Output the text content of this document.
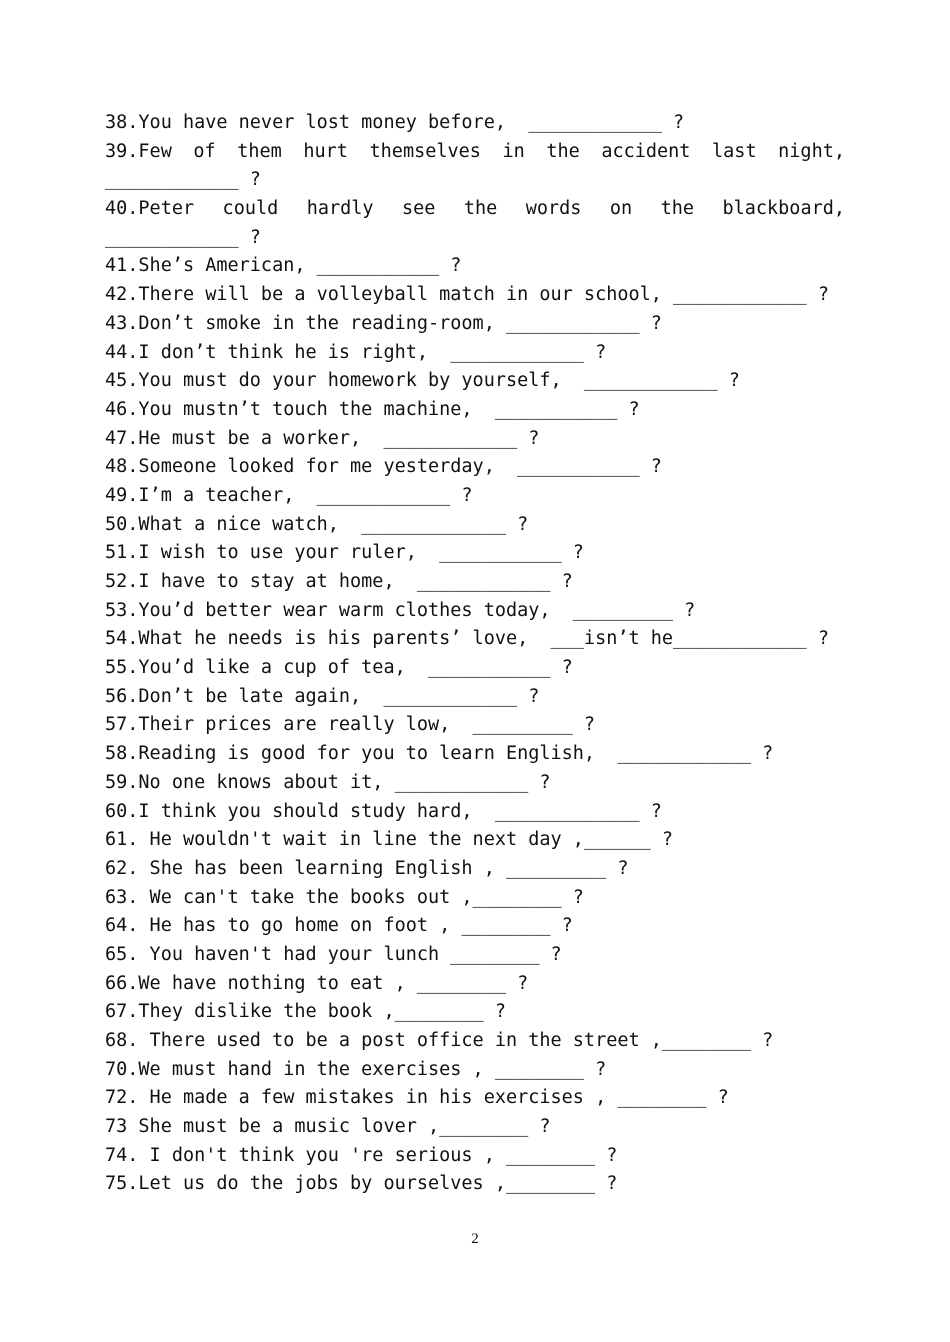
38.You have never lost money before,  ____________ ?
39.Few of them hurt themselves in the accident last night,
____________ ?
40.Peter could hardly see the words on the blackboard,
____________ ?
41.She’s American, ___________ ?
42.There will be a volleyball match in our school, ____________ ?
43.Don’t smoke in the reading-room, ____________ ?
44.I don’t think he is right,  ____________ ?
45.You must do your homework by yourself,  ____________ ?
46.You mustn’t touch the machine,  ___________ ?
47.He must be a worker,  ____________ ?
48.Someone looked for me yesterday,  ___________ ?
49.I’m a teacher,  ____________ ?
50.What a nice watch,  _____________ ?
51.I wish to use your ruler,  ___________ ?
52.I have to stay at home,  ____________ ?
53.You’d better wear warm clothes today,  _________ ?
54.What he needs is his parents’ love,  ___isn’t he____________ ?
55.You’d like a cup of tea,  ___________ ?
56.Don’t be late again,  ____________ ?
57.Their prices are really low,  _________ ?
58.Reading is good for you to learn English,  ____________ ?
59.No one knows about it, ____________ ?
60.I think you should study hard,  _____________ ?
61. He wouldn't wait in line the next day ,______ ?
62. She has been learning English , _________ ?
63. We can't take the books out ,________ ?
64. He has to go home on foot , ________ ?
65. You haven't had your lunch ________ ?
66.We have nothing to eat , ________ ?
67.They dislike the book ,________ ?
68. There used to be a post office in the street ,________ ?
70.We must hand in the exercises , ________ ?
72. He made a few mistakes in his exercises , ________ ?
73 She must be a music lover ,________ ?
74. I don't think you 're serious , ________ ?
75.Let us do the jobs by ourselves ,________ ?
2
